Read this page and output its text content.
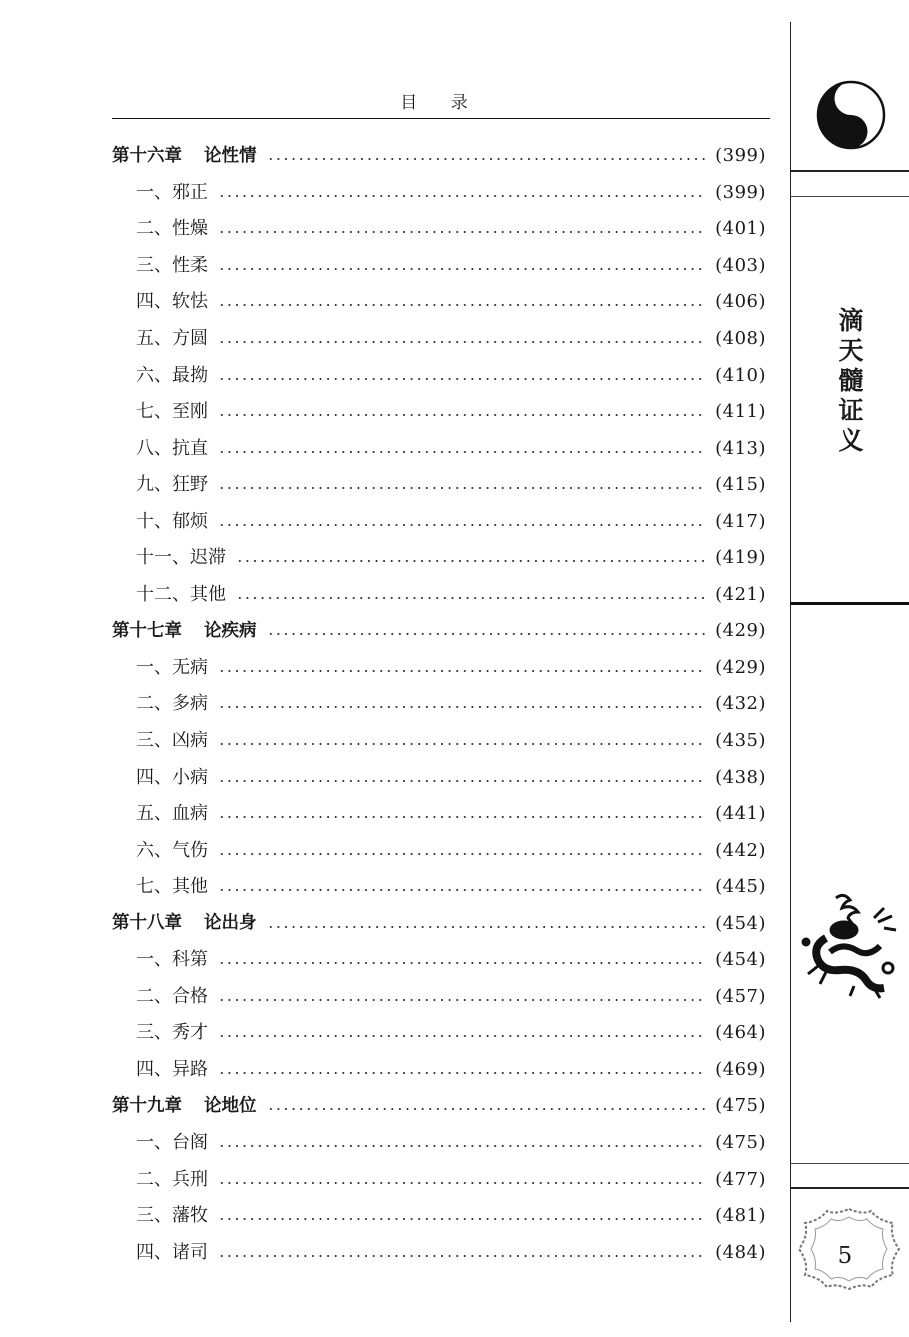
目 录
第十六章 论性情	(399)
一、邪正	(399)
二、性燥	(401)
三、性柔	(403)
四、软怯	(406)
五、方圆	(408)
六、最拗	(410)
七、至刚	(411)
八、抗直	(413)
九、狂野	(415)
十、郁烦	(417)
十一、迟滞	(419)
十二、其他	(421)
第十七章 论疾病	(429)
一、无病	(429)
二、多病	(432)
三、凶病	(435)
四、小病	(438)
五、血病	(441)
六、气伤	(442)
七、其他	(445)
第十八章 论出身	(454)
一、科第	(454)
二、合格	(457)
三、秀才	(464)
四、异路	(469)
第十九章 论地位	(475)
一、台阁	(475)
二、兵刑	(477)
三、藩牧	(481)
四、诸司	(484)
滴
天
髓
证
义
5
